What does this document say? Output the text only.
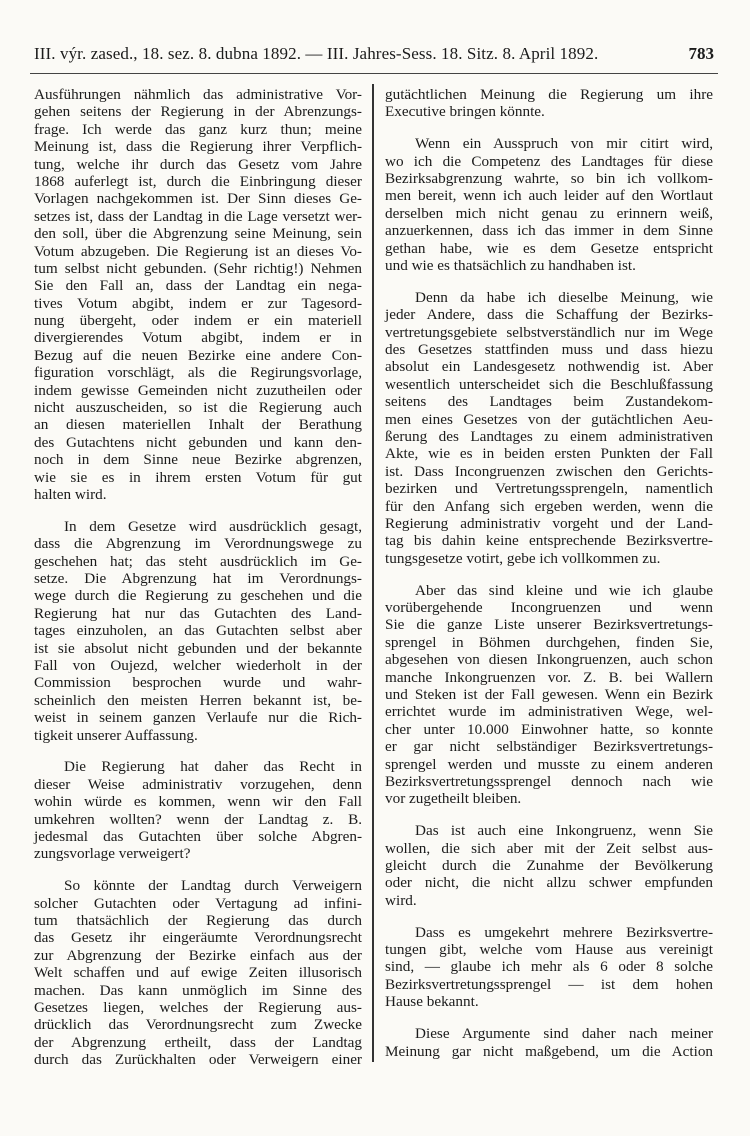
III. výr. zased., 18. sez. 8. dubna 1892. — III. Jahres-Sess. 18. Sitz. 8. April 1892.	783
Ausführungen nähmlich das administrative Vor-
gehen seitens der Regierung in der Abrenzungs-
frage. Ich werde das ganz kurz thun; meine
Meinung ist, dass die Regierung ihrer Verpflich-
tung, welche ihr durch das Gesetz vom Jahre
1868 auferlegt ist, durch die Einbringung dieser
Vorlagen nachgekommen ist. Der Sinn dieses Ge-
setzes ist, dass der Landtag in die Lage versetzt wer-
den soll, über die Abgrenzung seine Meinung, sein
Votum abzugeben. Die Regierung ist an dieses Vo-
tum selbst nicht gebunden. (Sehr richtig!) Nehmen
Sie den Fall an, dass der Landtag ein nega-
tives Votum abgibt, indem er zur Tagesord-
nung übergeht, oder indem er ein materiell
divergierendes Votum abgibt, indem er in
Bezug auf die neuen Bezirke eine andere Con-
figuration vorschlägt, als die Regirungsvorlage,
indem gewisse Gemeinden nicht zuzutheilen oder
nicht auszuscheiden, so ist die Regierung auch
an diesen materiellen Inhalt der Berathung
des Gutachtens nicht gebunden und kann den-
noch in dem Sinne neue Bezirke abgrenzen,
wie sie es in ihrem ersten Votum für gut
halten wird.
In dem Gesetze wird ausdrücklich gesagt,
dass die Abgrenzung im Verordnungswege zu
geschehen hat; das steht ausdrücklich im Ge-
setze. Die Abgrenzung hat im Verordnungs-
wege durch die Regierung zu geschehen und die
Regierung hat nur das Gutachten des Land-
tages einzuholen, an das Gutachten selbst aber
ist sie absolut nicht gebunden und der bekannte
Fall von Oujezd, welcher wiederholt in der
Commission besprochen wurde und wahr-
scheinlich den meisten Herren bekannt ist, be-
weist in seinem ganzen Verlaufe nur die Rich-
tigkeit unserer Auffassung.
Die Regierung hat daher das Recht in
dieser Weise administrativ vorzugehen, denn
wohin würde es kommen, wenn wir den Fall
umkehren wollten? wenn der Landtag z. B.
jedesmal das Gutachten über solche Abgren-
zungsvorlage verweigert?
So könnte der Landtag durch Verweigern
solcher Gutachten oder Vertagung ad infini-
tum thatsächlich der Regierung das durch
das Gesetz ihr eingeräumte Verordnungsrecht
zur Abgrenzung der Bezirke einfach aus der
Welt schaffen und auf ewige Zeiten illusorisch
machen. Das kann unmöglich im Sinne des
Gesetzes liegen, welches der Regierung aus-
drücklich das Verordnungsrecht zum Zwecke
der Abgrenzung ertheilt, dass der Landtag
durch das Zurückhalten oder Verweigern einer
gutächtlichen Meinung die Regierung um ihre
Executive bringen könnte.
Wenn ein Ausspruch von mir citirt wird,
wo ich die Competenz des Landtages für diese
Bezirksabgrenzung wahrte, so bin ich vollkom-
men bereit, wenn ich auch leider auf den Wortlaut
derselben mich nicht genau zu erinnern weiß,
anzuerkennen, dass ich das immer in dem Sinne
gethan habe, wie es dem Gesetze entspricht
und wie es thatsächlich zu handhaben ist.
Denn da habe ich dieselbe Meinung, wie
jeder Andere, dass die Schaffung der Bezirks-
vertretungsgebiete selbstverständlich nur im Wege
des Gesetzes stattfinden muss und dass hiezu
absolut ein Landesgesetz nothwendig ist. Aber
wesentlich unterscheidet sich die Beschlußfassung
seitens des Landtages beim Zustandekom-
men eines Gesetzes von der gutächtlichen Aeu-
ßerung des Landtages zu einem administrativen
Akte, wie es in beiden ersten Punkten der Fall
ist. Dass Incongruenzen zwischen den Gerichts-
bezirken und Vertretungssprengeln, namentlich
für den Anfang sich ergeben werden, wenn die
Regierung administrativ vorgeht und der Land-
tag bis dahin keine entsprechende Bezirksvertre-
tungsgesetze votirt, gebe ich vollkommen zu.
Aber das sind kleine und wie ich glaube
vorübergehende Incongruenzen und wenn
Sie die ganze Liste unserer Bezirksvertretungs-
sprengel in Böhmen durchgehen, finden Sie,
abgesehen von diesen Inkongruenzen, auch schon
manche Inkongruenzen vor. Z. B. bei Wallern
und Steken ist der Fall gewesen. Wenn ein Bezirk
errichtet wurde im administrativen Wege, wel-
cher unter 10.000 Einwohner hatte, so konnte
er gar nicht selbständiger Bezirksvertretungs-
sprengel werden und musste zu einem anderen
Bezirksvertretungssprengel dennoch nach wie
vor zugetheilt bleiben.
Das ist auch eine Inkongruenz, wenn Sie
wollen, die sich aber mit der Zeit selbst aus-
gleicht durch die Zunahme der Bevölkerung
oder nicht, die nicht allzu schwer empfunden
wird.
Dass es umgekehrt mehrere Bezirksvertre-
tungen gibt, welche vom Hause aus vereinigt
sind, — glaube ich mehr als 6 oder 8 solche
Bezirksvertretungssprengel — ist dem hohen
Hause bekannt.
Diese Argumente sind daher nach meiner
Meinung gar nicht maßgebend, um die Action
